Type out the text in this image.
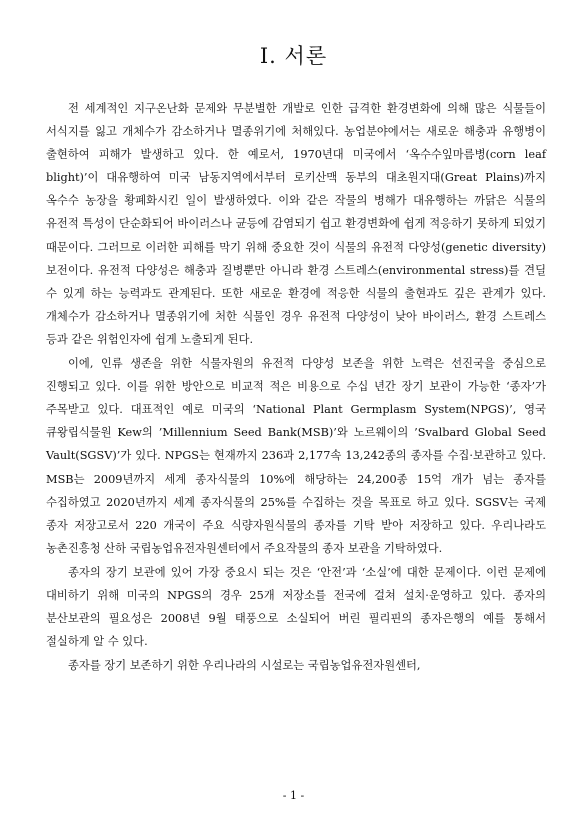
I. 서론

전 세계적인 지구온난화 문제와 무분별한 개발로 인한 급격한 환경변화에 의해 많은 식물들이 서식지를 잃고 개체수가 감소하거나 멸종위기에 처해있다. 농업분야에서는 새로운 해충과 유행병이 출현하여 피해가 발생하고 있다. 한 예로서, 1970년대 미국에서 ‘옥수수잎마름병(corn leaf blight)’이 대유행하여 미국 남동지역에서부터 로키산맥 동부의 대초원지대(Great Plains)까지 옥수수 농장을 황폐화시킨 일이 발생하였다. 이와 같은 작물의 병해가 대유행하는 까닭은 식물의 유전적 특성이 단순화되어 바이러스나 균등에 감염되기 쉽고 환경변화에 쉽게 적응하기 못하게 되었기 때문이다. 그러므로 이러한 피해를 막기 위해 중요한 것이 식물의 유전적 다양성(genetic diversity) 보전이다. 유전적 다양성은 해충과 질병뿐만 아니라 환경 스트레스(environmental stress)를 견딜 수 있게 하는 능력과도 관계된다. 또한 새로운 환경에 적응한 식물의 출현과도 깊은 관계가 있다. 개체수가 감소하거나 멸종위기에 처한 식물인 경우 유전적 다양성이 낮아 바이러스, 환경 스트레스 등과 같은 위험인자에 쉽게 노출되게 된다.

이에, 인류 생존을 위한 식물자원의 유전적 다양성 보존을 위한 노력은 선진국을 중심으로 진행되고 있다. 이를 위한 방안으로 비교적 적은 비용으로 수십 년간 장기 보관이 가능한 ‘종자’가 주목받고 있다. 대표적인 예로 미국의 ‘National Plant Germplasm System(NPGS)’, 영국 큐왕립식물원 Kew의 ’Millennium Seed Bank(MSB)’와 노르웨이의 ’Svalbard Global Seed Vault(SGSV)’가 있다. NPGS는 현재까지 236과 2,177속 13,242종의 종자를 수집·보관하고 있다. MSB는 2009년까지 세계 종자식물의 10%에 해당하는 24,200종 15억 개가 넘는 종자를 수집하였고 2020년까지 세계 종자식물의 25%를 수집하는 것을 목표로 하고 있다. SGSV는 국제 종자 저장고로서 220 개국이 주요 식량자원식물의 종자를 기탁 받아 저장하고 있다. 우리나라도 농촌진흥청 산하 국립농업유전자원센터에서 주요작물의 종자 보관을 기탁하였다.

종자의 장기 보관에 있어 가장 중요시 되는 것은 ‘안전’과 ‘소실’에 대한 문제이다. 이런 문제에 대비하기 위해 미국의 NPGS의 경우 25개 저장소를 전국에 걸쳐 설치·운영하고 있다. 종자의 분산보관의 필요성은 2008년 9월 태풍으로 소실되어 버린 필리핀의 종자은행의 예를 통해서 절실하게 알 수 있다.

종자를 장기 보존하기 위한 우리나라의 시설로는 국립농업유전자원센터,

- 1 -
